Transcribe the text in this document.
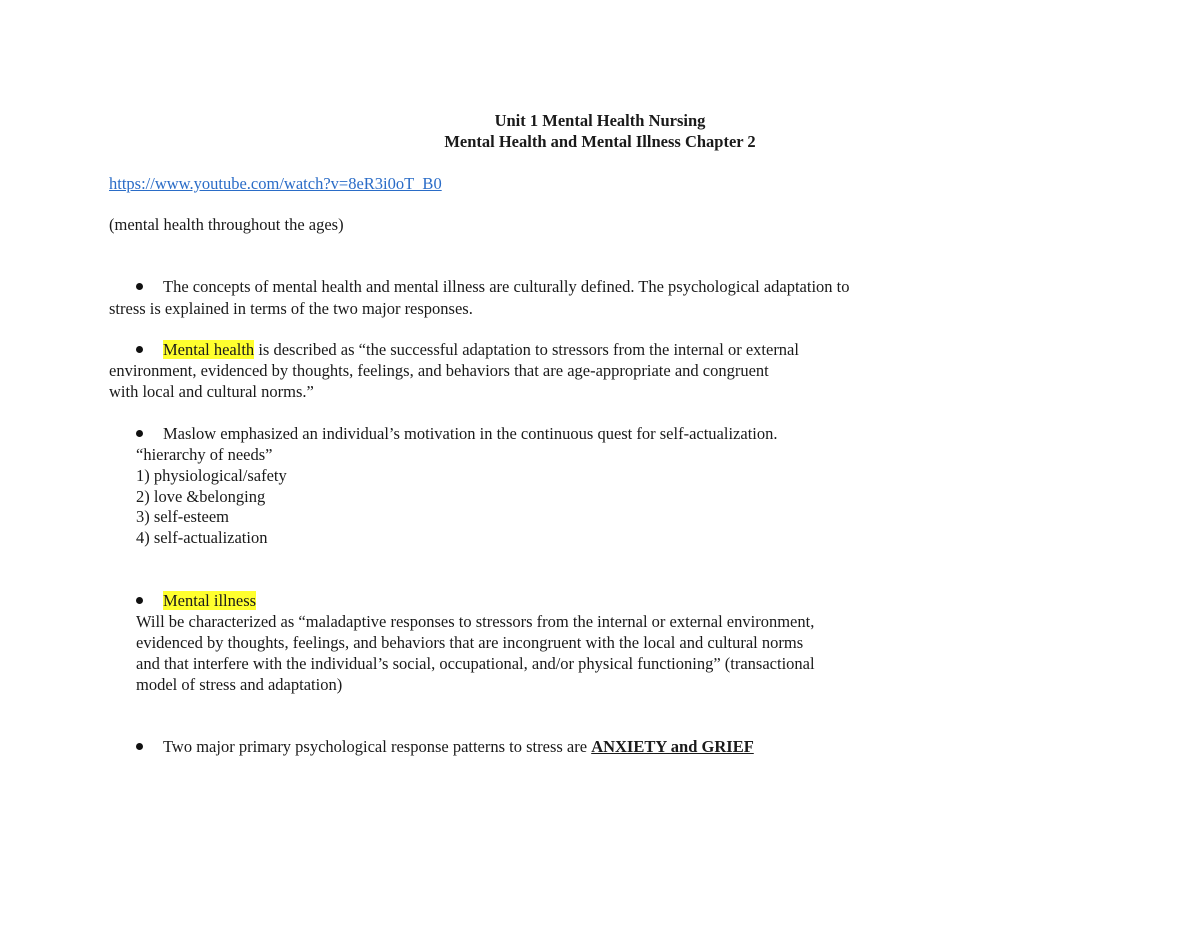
Unit 1 Mental Health Nursing
Mental Health and Mental Illness Chapter 2
https://www.youtube.com/watch?v=8eR3i0oT_B0
(mental health throughout the ages)
The concepts of mental health and mental illness are culturally defined. The psychological adaptation to
stress is explained in terms of the two major responses.
Mental health is described as “the successful adaptation to stressors from the internal or external
environment, evidenced by thoughts, feelings, and behaviors that are age-appropriate and congruent
with local and cultural norms.”
Maslow emphasized an individual’s motivation in the continuous quest for self-actualization.
“hierarchy of needs”
1) physiological/safety
2) love &belonging
3) self-esteem
4) self-actualization
Mental illness
Will be characterized as “maladaptive responses to stressors from the internal or external environment,
evidenced by thoughts, feelings, and behaviors that are incongruent with the local and cultural norms
and that interfere with the individual’s social, occupational, and/or physical functioning” (transactional
model of stress and adaptation)
Two major primary psychological response patterns to stress are ANXIETY and GRIEF
